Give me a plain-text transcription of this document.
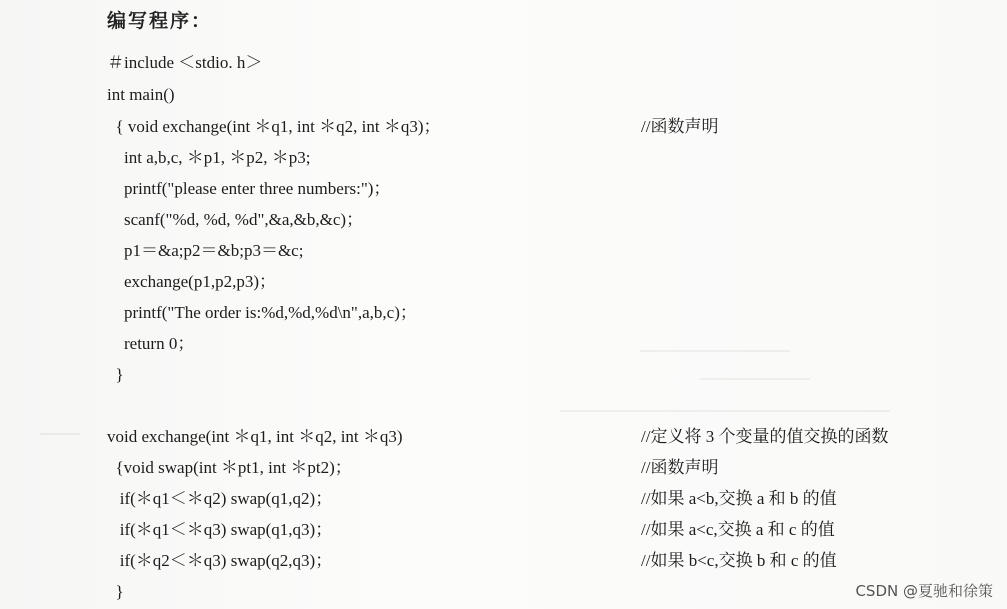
编写程序：
＃include ＜stdio. h＞
int main()
{ void exchange(int ＊q1, int ＊q2, int ＊q3)；
int a,b,c, ＊p1, ＊p2, ＊p3;
printf("please enter three numbers:")；
scanf("%d, %d, %d",&a,&b,&c)；
p1＝&a;p2＝&b;p3＝&c;
exchange(p1,p2,p3)；
printf("The order is:%d,%d,%d\n",a,b,c)；
return 0；
}
void exchange(int ＊q1, int ＊q2, int ＊q3)
{void swap(int ＊pt1, int ＊pt2)；
if(＊q1＜＊q2) swap(q1,q2)；
if(＊q1＜＊q3) swap(q1,q3)；
if(＊q2＜＊q3) swap(q2,q3)；
}
//函数声明
//定义将 3 个变量的值交换的函数
//函数声明
//如果 a<b,交换 a 和 b 的值
//如果 a<c,交换 a 和 c 的值
//如果 b<c,交换 b 和 c 的值
CSDN @夏驰和徐策
